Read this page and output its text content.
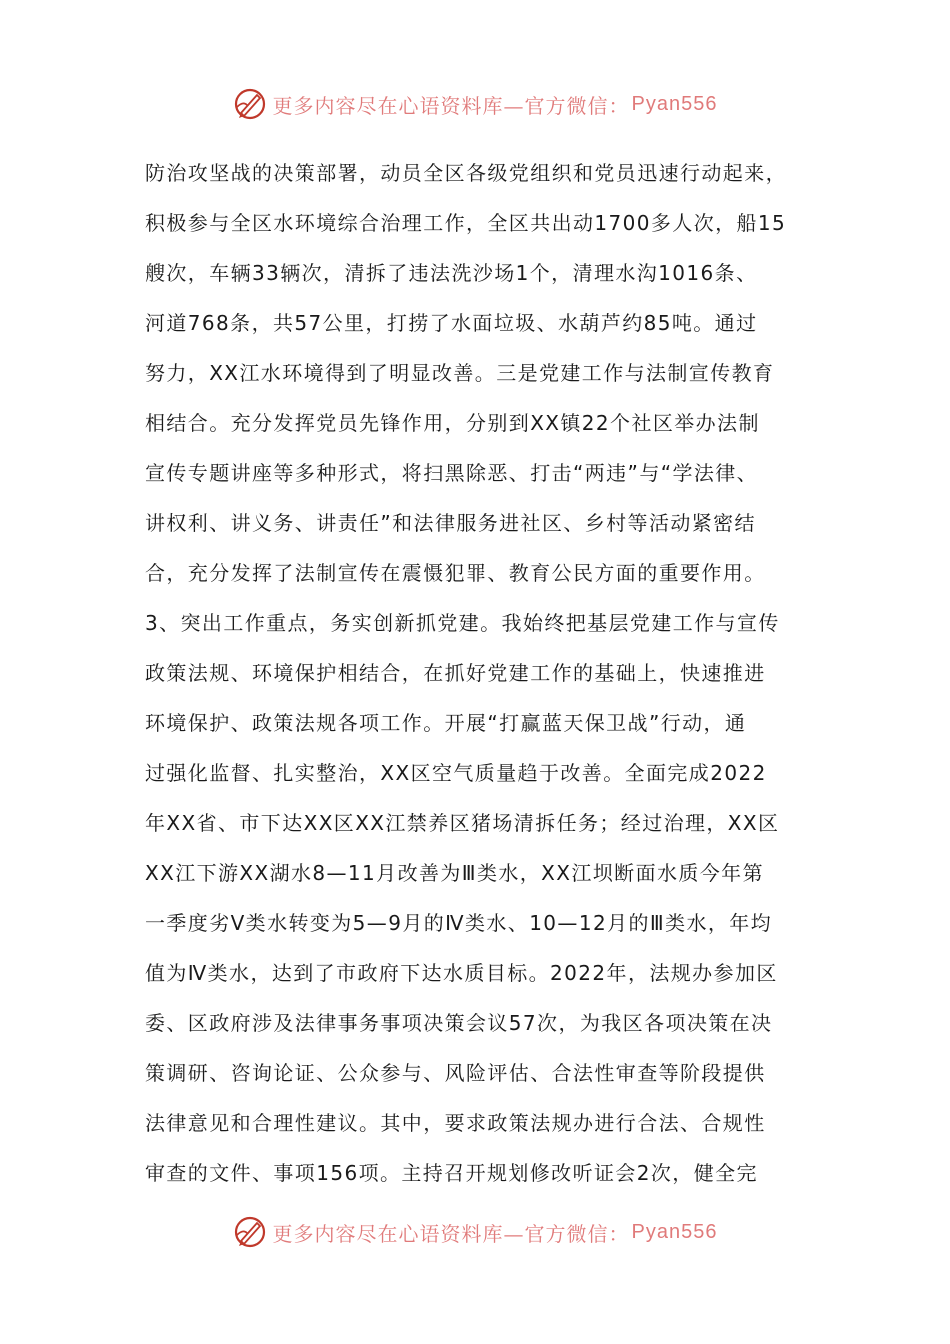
更多内容尽在心语资料库—官方微信： Pyan556
防治攻坚战的决策部署，动员全区各级党组织和党员迅速行动起来，
积极参与全区水环境综合治理工作，全区共出动1700多人次，船15
艘次，车辆33辆次，清拆了违法洗沙场1个，清理水沟1016条、
河道768条，共57公里，打捞了水面垃圾、水葫芦约85吨。通过
努力，XX江水环境得到了明显改善。三是党建工作与法制宣传教育
相结合。充分发挥党员先锋作用，分别到XX镇22个社区举办法制
宣传专题讲座等多种形式，将扫黑除恶、打击“两违”与“学法律、
讲权利、讲义务、讲责任”和法律服务进社区、乡村等活动紧密结
合，充分发挥了法制宣传在震慑犯罪、教育公民方面的重要作用。
3、突出工作重点，务实创新抓党建。我始终把基层党建工作与宣传
政策法规、环境保护相结合，在抓好党建工作的基础上，快速推进
环境保护、政策法规各项工作。开展“打赢蓝天保卫战”行动，通
过强化监督、扎实整治，XX区空气质量趋于改善。全面完成2022
年XX省、市下达XX区XX江禁养区猪场清拆任务；经过治理，XX区
XX江下游XX湖水8—11月改善为Ⅲ类水，XX江坝断面水质今年第
一季度劣Ⅴ类水转变为5—9月的Ⅳ类水、10—12月的Ⅲ类水，年均
值为Ⅳ类水，达到了市政府下达水质目标。2022年，法规办参加区
委、区政府涉及法律事务事项决策会议57次，为我区各项决策在决
策调研、咨询论证、公众参与、风险评估、合法性审查等阶段提供
法律意见和合理性建议。其中，要求政策法规办进行合法、合规性
审查的文件、事项156项。主持召开规划修改听证会2次，健全完
更多内容尽在心语资料库—官方微信： Pyan556
